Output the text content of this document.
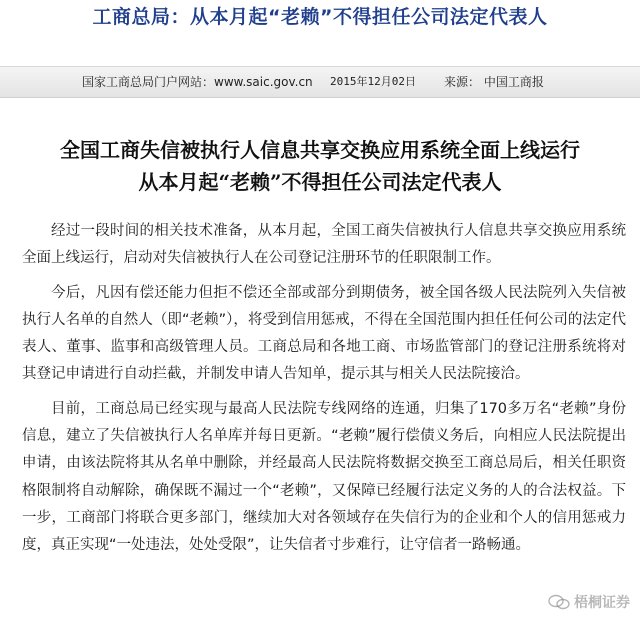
工商总局：从本月起“老赖”不得担任公司法定代表人
国家工商总局门户网站：www.saic.gov.cn 2015年12月02日 来源： 中国工商报
全国工商失信被执行人信息共享交换应用系统全面上线运行
从本月起“老赖”不得担任公司法定代表人

经过一段时间的相关技术准备，从本月起，全国工商失信被执行人信息共享交换应用系统全面上线运行，启动对失信被执行人在公司登记注册环节的任职限制工作。

今后，凡因有偿还能力但拒不偿还全部或部分到期债务，被全国各级人民法院列入失信被执行人名单的自然人（即“老赖”），将受到信用惩戒，不得在全国范围内担任任何公司的法定代表人、董事、监事和高级管理人员。工商总局和各地工商、市场监管部门的登记注册系统将对其登记申请进行自动拦截，并制发申请人告知单，提示其与相关人民法院接洽。

目前，工商总局已经实现与最高人民法院专线网络的连通，归集了170多万名“老赖”身份信息，建立了失信被执行人名单库并每日更新。“老赖”履行偿债义务后，向相应人民法院提出申请，由该法院将其从名单中删除，并经最高人民法院将数据交换至工商总局后，相关任职资格限制将自动解除，确保既不漏过一个“老赖”，又保障已经履行法定义务的人的合法权益。下一步，工商部门将联合更多部门，继续加大对各领域存在失信行为的企业和个人的信用惩戒力度，真正实现“一处违法，处处受限”，让失信者寸步难行，让守信者一路畅通。

梧桐证券
